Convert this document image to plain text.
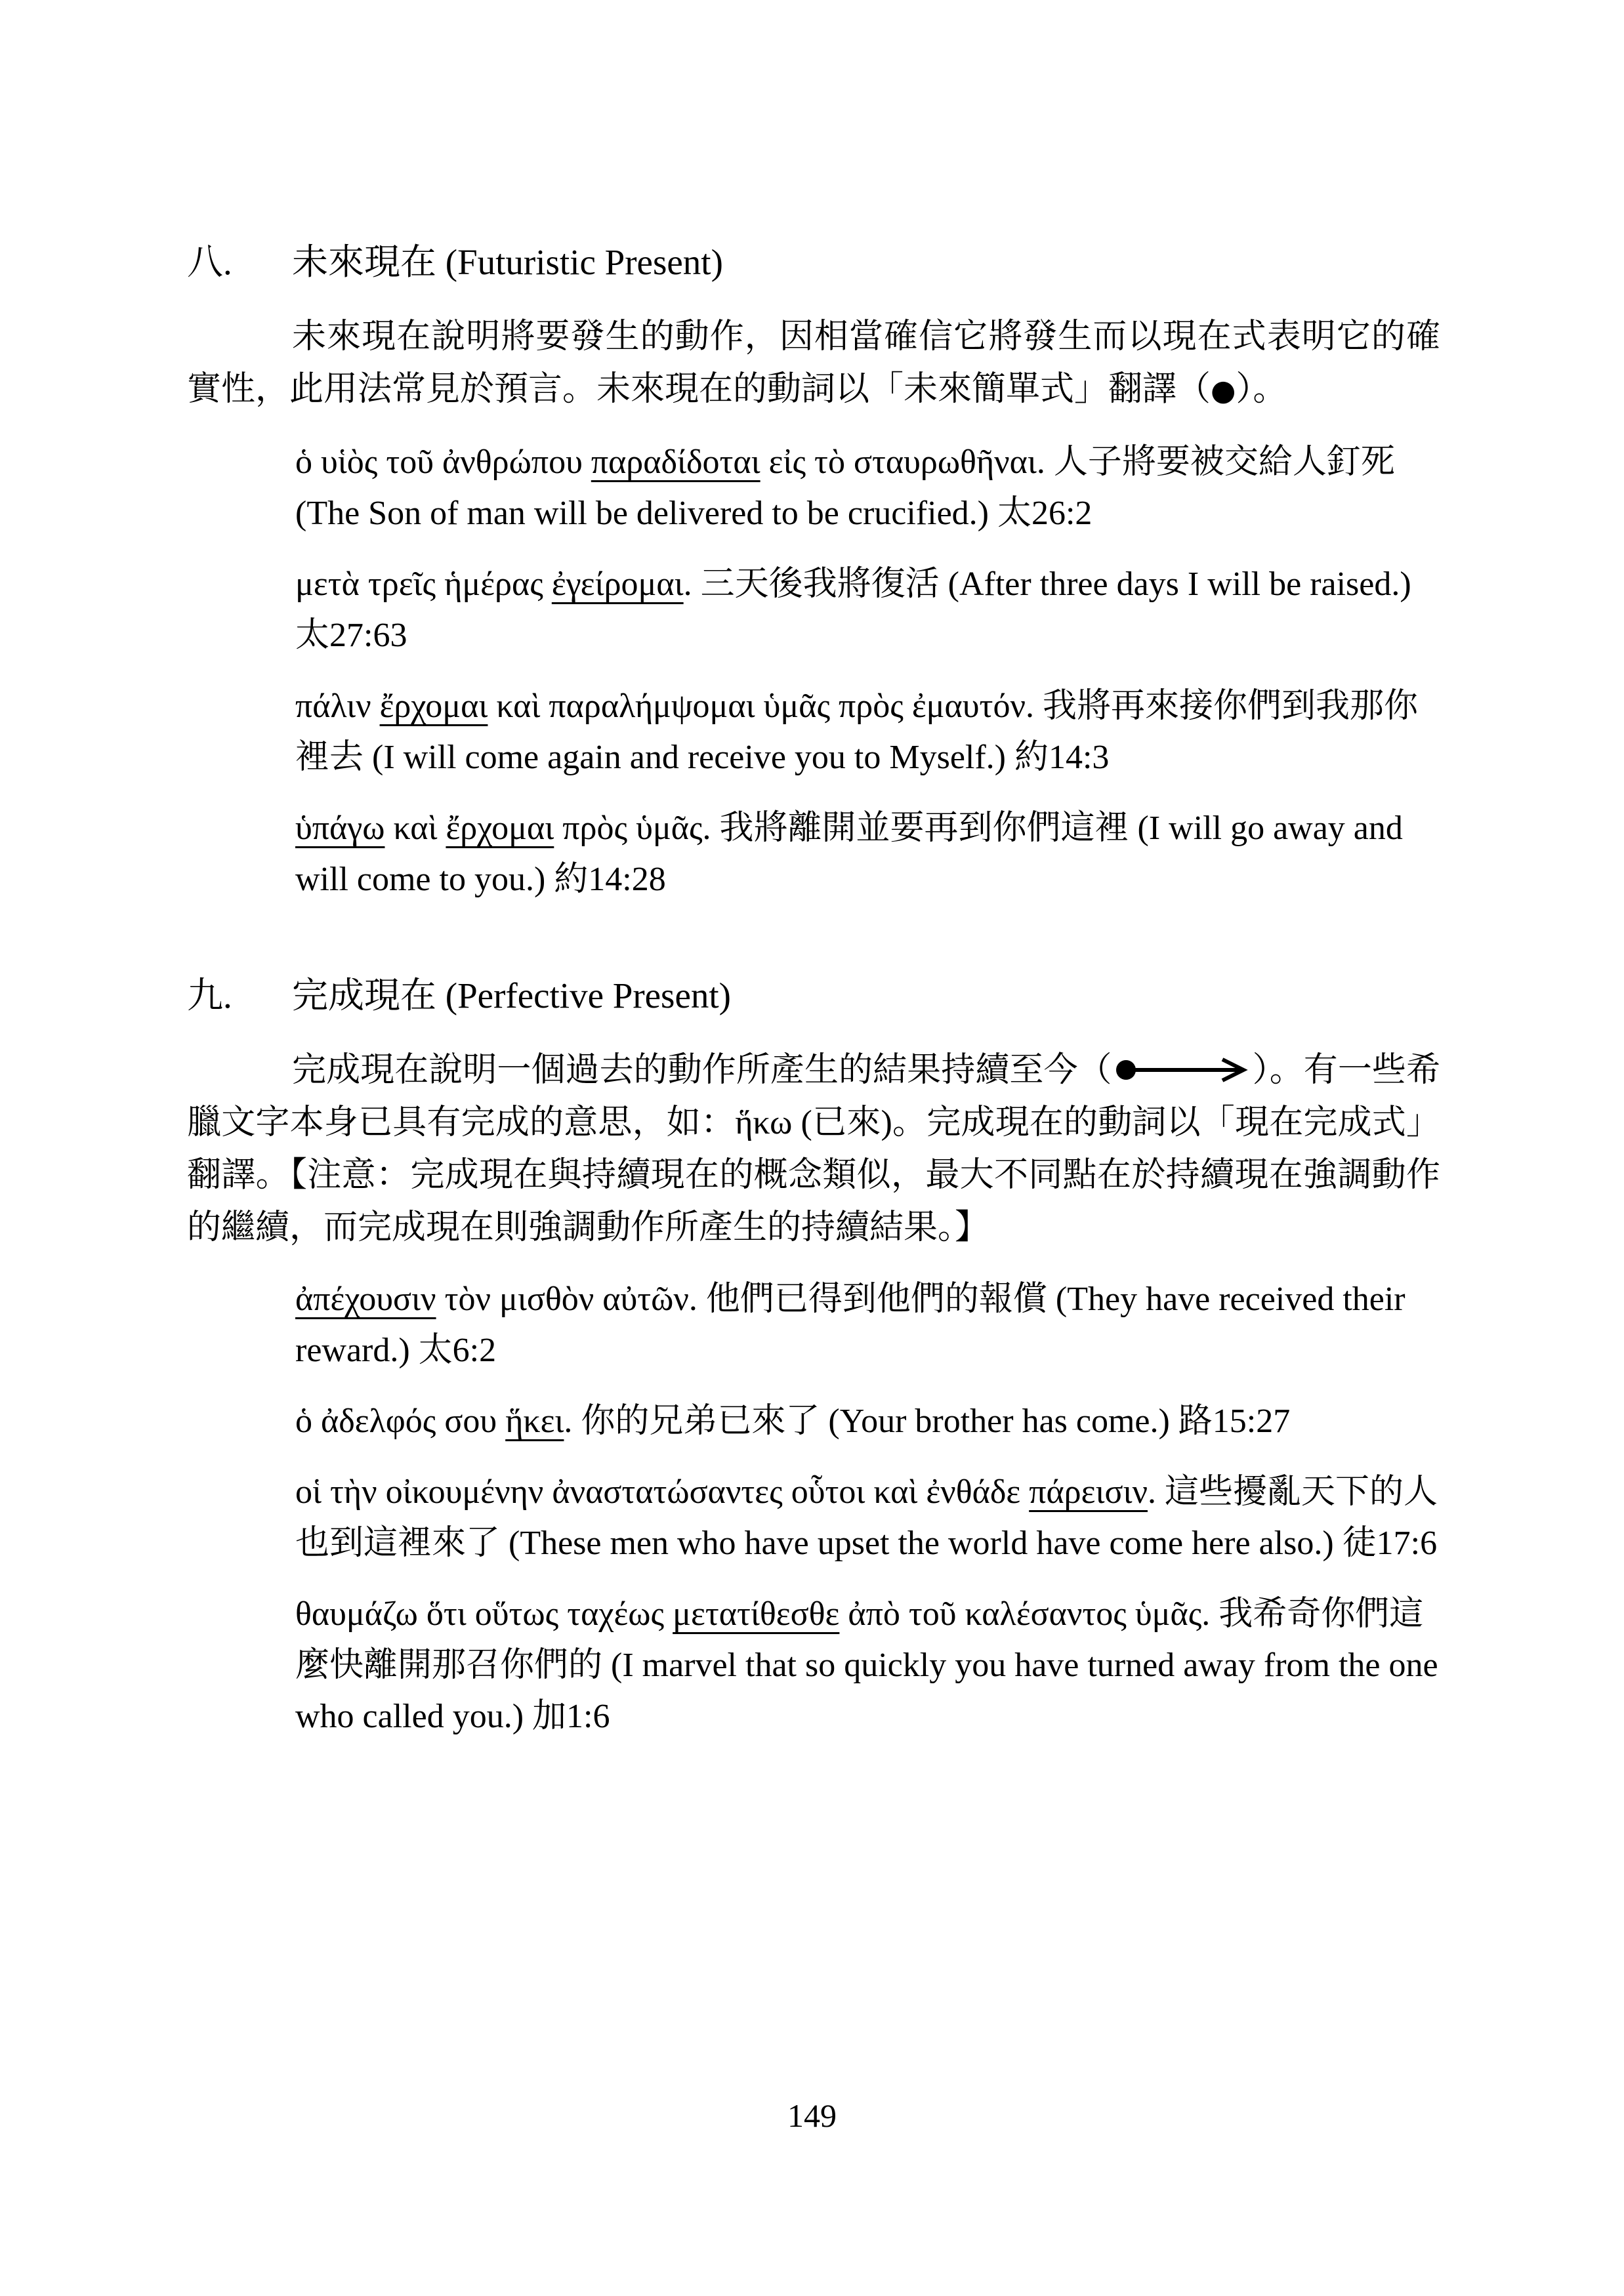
八.	未來現在 (Futuristic Present)

未來現在說明將要發生的動作，因相當確信它將發生而以現在式表明它的確實性，此用法常見於預言。未來現在的動詞以「未來簡單式」翻譯（●）。

ὁ υἱὸς τοῦ ἀνθρώπου παραδίδοται εἰς τὸ σταυρωθῆναι. 人子將要被交給人釘死 (The Son of man will be delivered to be crucified.) 太26:2

μετὰ τρεῖς ἡμέρας ἐγείρομαι. 三天後我將復活 (After three days I will be raised.) 太27:63

πάλιν ἔρχομαι καὶ παραλήμψομαι ὑμᾶς πρὸς ἐμαυτόν. 我將再來接你們到我那你裡去 (I will come again and receive you to Myself.) 約14:3

ὑπάγω καὶ ἔρχομαι πρὸς ὑμᾶς. 我將離開並要再到你們這裡 (I will go away and will come to you.) 約14:28

九.	完成現在 (Perfective Present)

完成現在說明一個過去的動作所產生的結果持續至今（	）。有一些希臘文字本身已具有完成的意思，如：ἥκω (已來)。完成現在的動詞以「現在完成式」翻譯。【注意：完成現在與持續現在的概念類似，最大不同點在於持續現在強調動作的繼續，而完成現在則強調動作所產生的持續結果。】

ἀπέχουσιν τὸν μισθὸν αὐτῶν. 他們已得到他們的報償 (They have received their reward.) 太6:2

ὁ ἀδελφός σου ἥκει. 你的兄弟已來了 (Your brother has come.) 路15:27

οἱ τὴν οἰκουμένην ἀναστατώσαντες οὗτοι καὶ ἐνθάδε πάρεισιν. 這些擾亂天下的人也到這裡來了 (These men who have upset the world have come here also.) 徒17:6

θαυμάζω ὅτι οὕτως ταχέως μετατίθεσθε ἀπὸ τοῦ καλέσαντος ὑμᾶς. 我希奇你們這麼快離開那召你們的 (I marvel that so quickly you have turned away from the one who called you.) 加1:6

149
